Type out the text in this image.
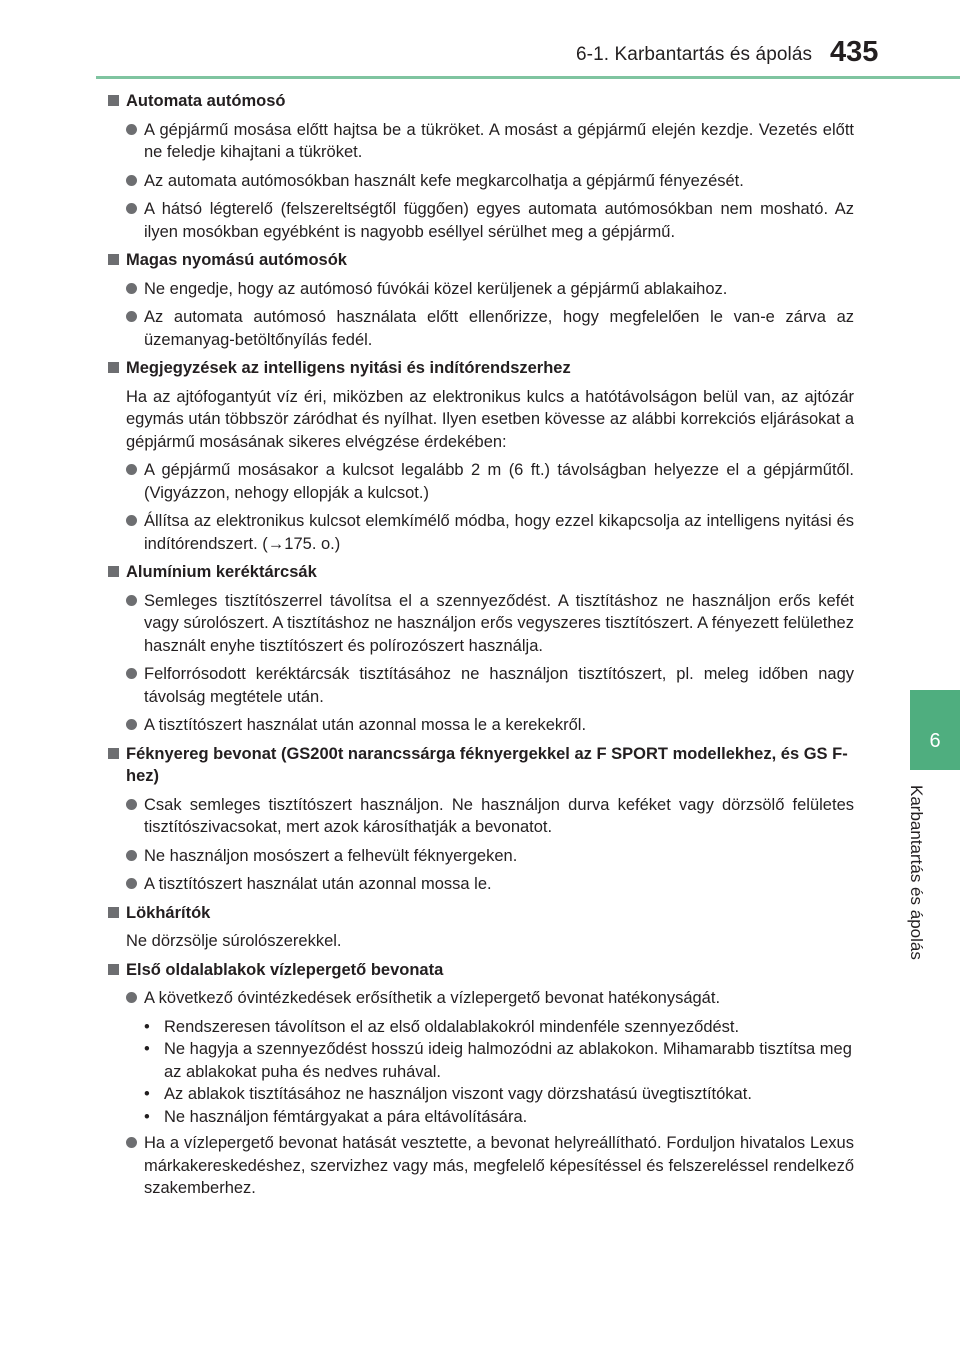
6-1. Karbantartás és ápolás 435
6
Karbantartás és ápolás
Automata autómosó
A gépjármű mosása előtt hajtsa be a tükröket. A mosást a gépjármű elején kezdje. Vezetés előtt ne feledje kihajtani a tükröket.
Az automata autómosókban használt kefe megkarcolhatja a gépjármű fényezését.
A hátsó légterelő (felszereltségtől függően) egyes automata autómosókban nem mosható. Az ilyen mosókban egyébként is nagyobb eséllyel sérülhet meg a gépjármű.
Magas nyomású autómosók
Ne engedje, hogy az autómosó fúvókái közel kerüljenek a gépjármű ablakaihoz.
Az automata autómosó használata előtt ellenőrizze, hogy megfelelően le van-e zárva az üzemanyag-betöltőnyílás fedél.
Megjegyzések az intelligens nyitási és indítórendszerhez
Ha az ajtófogantyút víz éri, miközben az elektronikus kulcs a hatótávolságon belül van, az ajtózár egymás után többször záródhat és nyílhat. Ilyen esetben kövesse az alábbi korrekciós eljárásokat a gépjármű mosásának sikeres elvégzése érdekében:
A gépjármű mosásakor a kulcsot legalább 2 m (6 ft.) távolságban helyezze el a gépjárműtől. (Vigyázzon, nehogy ellopják a kulcsot.)
Állítsa az elektronikus kulcsot elemkímélő módba, hogy ezzel kikapcsolja az intelligens nyitási és indítórendszert. (→175. o.)
Alumínium keréktárcsák
Semleges tisztítószerrel távolítsa el a szennyeződést. A tisztításhoz ne használjon erős kefét vagy súrolószert. A tisztításhoz ne használjon erős vegyszeres tisztítószert. A fényezett felülethez használt enyhe tisztítószert és polírozószert használja.
Felforrósodott keréktárcsák tisztításához ne használjon tisztítószert, pl. meleg időben nagy távolság megtétele után.
A tisztítószert használat után azonnal mossa le a kerekekről.
Féknyereg bevonat (GS200t narancssárga féknyergekkel az F SPORT modellekhez, és GS F-hez)
Csak semleges tisztítószert használjon. Ne használjon durva keféket vagy dörzsölő felületes tisztítószivacsokat, mert azok károsíthatják a bevonatot.
Ne használjon mosószert a felhevült féknyergeken.
A tisztítószert használat után azonnal mossa le.
Lökhárítók
Ne dörzsölje súrolószerekkel.
Első oldalablakok vízlepergető bevonata
A következő óvintézkedések erősíthetik a vízlepergető bevonat hatékonyságát.
• Rendszeresen távolítson el az első oldalablakokról mindenféle szennyeződést.
• Ne hagyja a szennyeződést hosszú ideig halmozódni az ablakokon. Mihamarabb tisztítsa meg az ablakokat puha és nedves ruhával.
• Az ablakok tisztításához ne használjon viszont vagy dörzshatású üvegtisztítókat.
• Ne használjon fémtárgyakat a pára eltávolítására.
Ha a vízlepergető bevonat hatását vesztette, a bevonat helyreállítható. Forduljon hivatalos Lexus márkakereskedéshez, szervizhez vagy más, megfelelő képesítéssel és felszereléssel rendelkező szakemberhez.
